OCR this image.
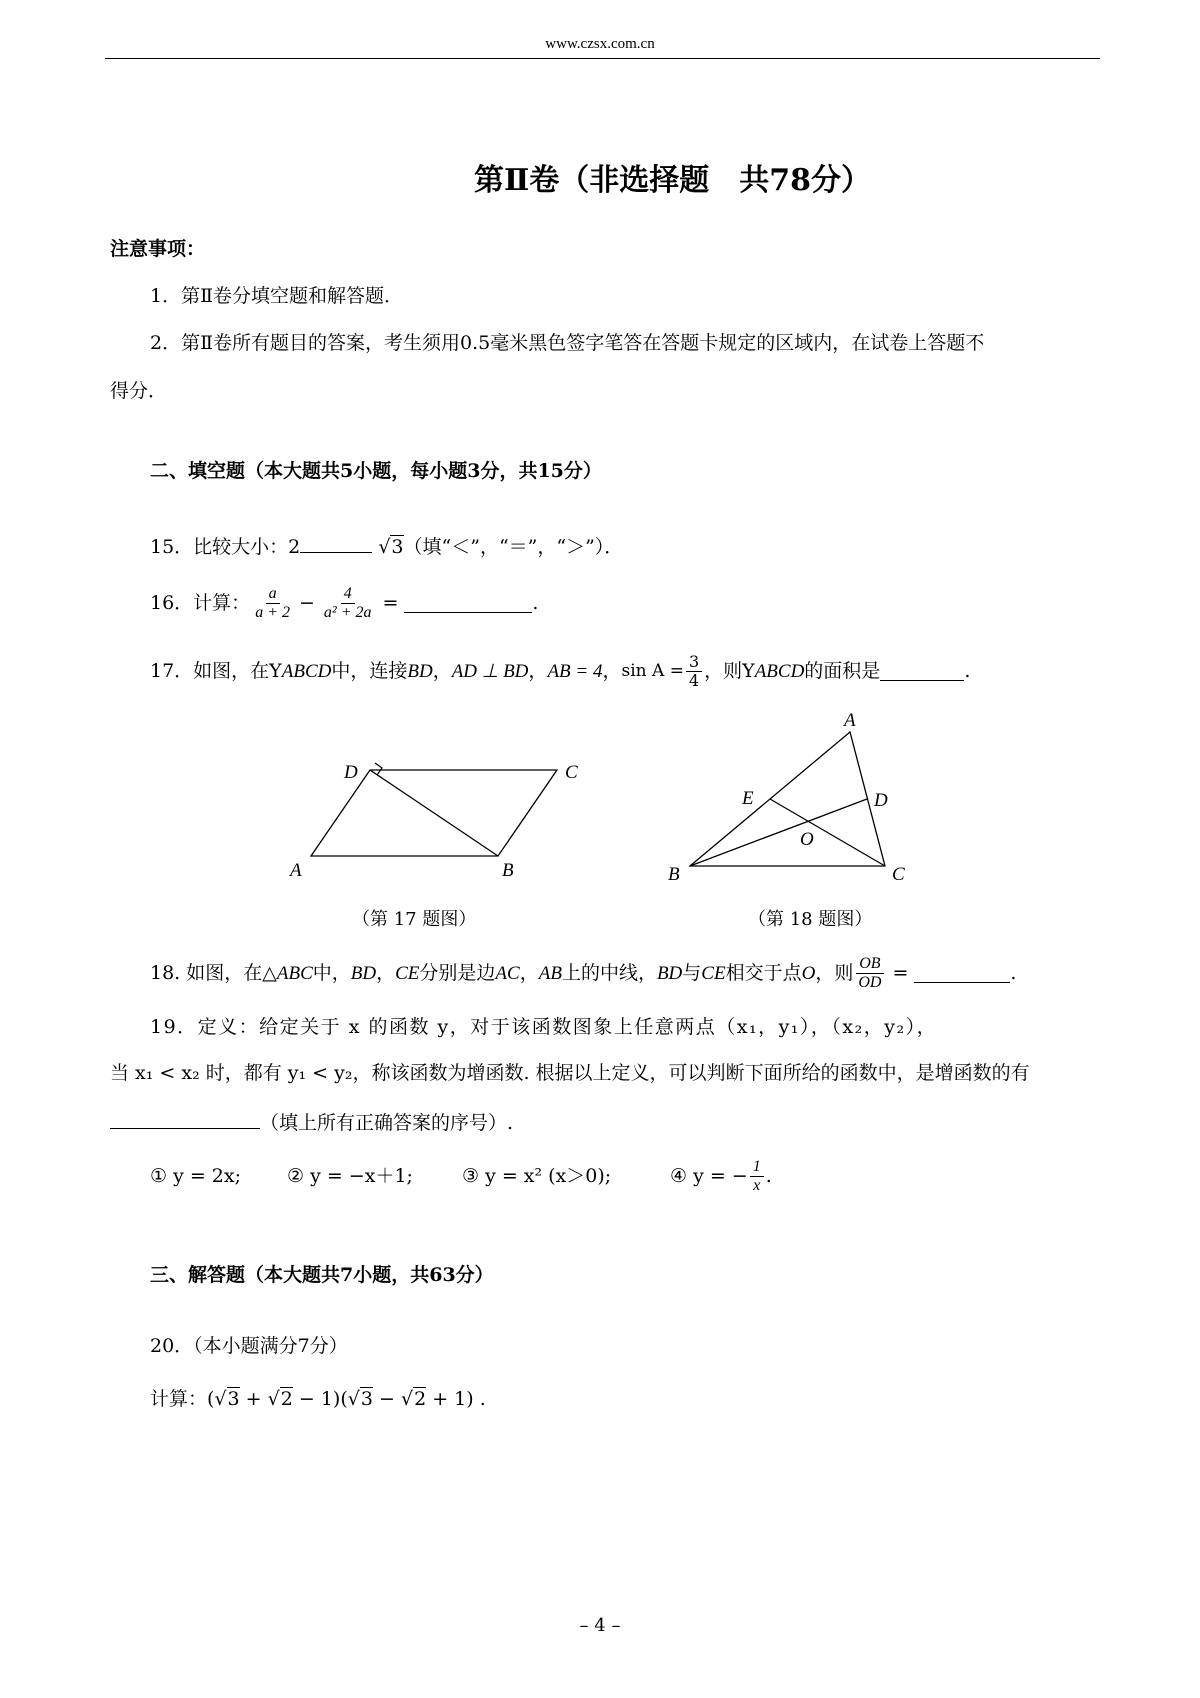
www.czsx.com.cn
第Ⅱ卷（非选择题　共78分）
注意事项：
1．第Ⅱ卷分填空题和解答题．
2．第Ⅱ卷所有题目的答案，考生须用0.5毫米黑色签字笔答在答题卡规定的区域内，在试卷上答题不
得分．
二、填空题（本大题共5小题，每小题3分，共15分）
15．比较大小：2	√3（填“＜”，“＝”，“＞”）．
16．计算： $\frac{a}{a + 2} - \frac{4}{\text{a² + 2a}}$ =	.
17．如图，在Y ABCD 中，连接 BD ， AD ⊥ BD ， AB = 4 ， $\sin A = \frac{3}{4}$ ，则Y ABCD 的面积是	.
D	C
A	B
（第 17 题图）
A
E	D
O
B	C
（第 18 题图）
18. 如图，在△ ABC 中， BD ， CE 分别是边 AC ， AB 上的中线， BD 与 CE 相交于点 O ，则 $\frac{OB}{OD}$ =	.
19．定义：给定关于 x 的函数 y，对于该函数图象上任意两点（x₁，y₁），（x₂，y₂），
当 x₁ < x₂ 时，都有 y₁ < y₂，称该函数为增函数. 根据以上定义，可以判断下面所给的函数中，是增函数的有
（填上所有正确答案的序号）.
① y = 2x;	② y = −x＋1;	③ y = x² (x＞0);	④ y = − $\frac{1}{x}$ .
三、解答题（本大题共7小题，共63分）
20．（本小题满分7分）
计算：(√3 + √2 − 1)(√3 − √2 + 1) .
– 4 –
